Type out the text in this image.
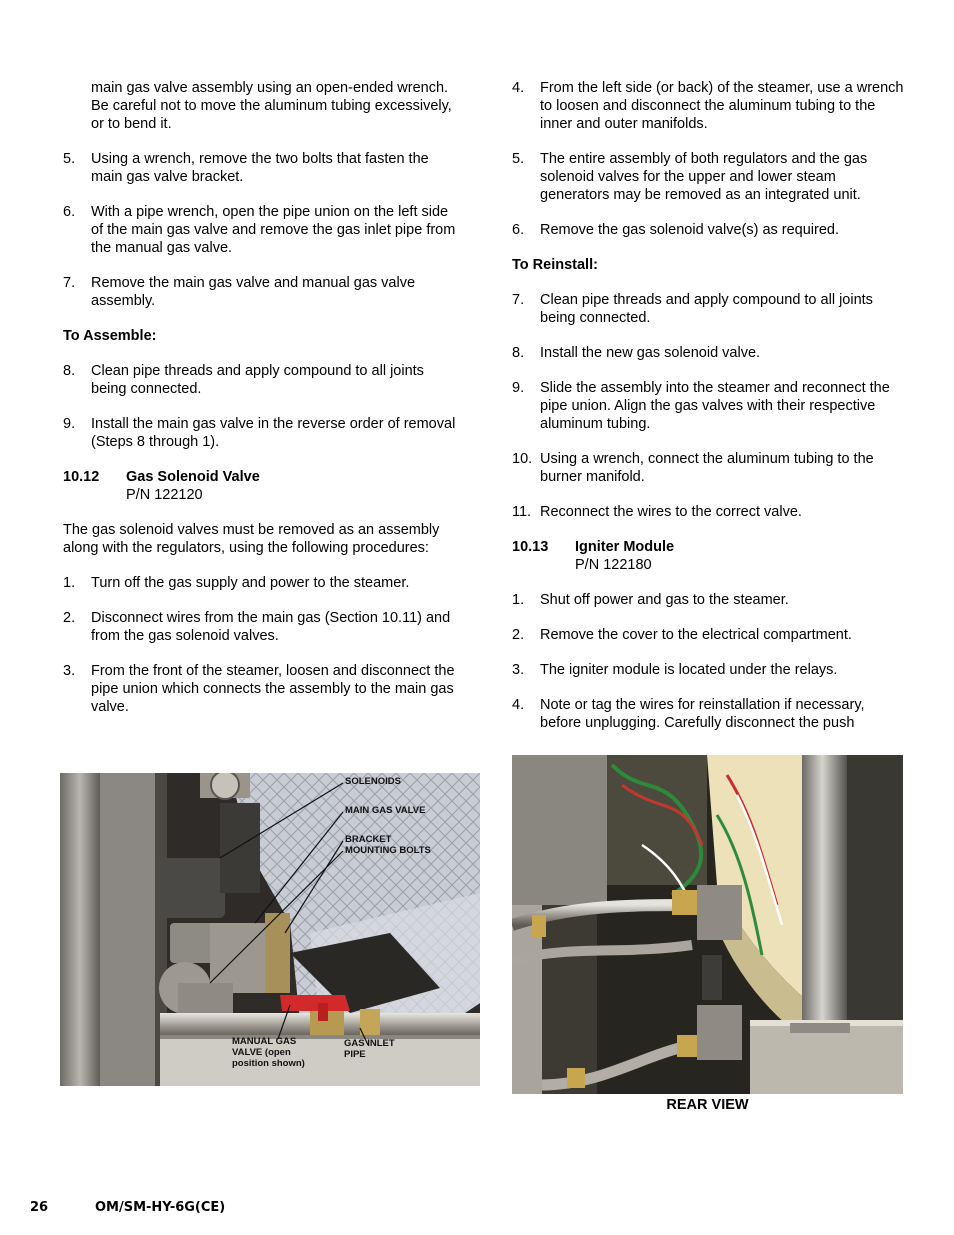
main gas valve assembly using an open-ended wrench. Be careful not to move the aluminum tubing excessively, or to bend it.
5.	Using a wrench, remove the two bolts that fasten the main gas valve bracket.
6.	With a pipe wrench, open the pipe union on the left side of the main gas valve and remove the gas inlet pipe from the manual gas valve.
7.	Remove the main gas valve and manual gas valve assembly.
To Assemble:
8.	Clean pipe threads and apply compound to all joints being connected.
9.	Install the main gas valve in the reverse order of removal (Steps 8 through 1).
10.12	Gas Solenoid Valve
P/N 122120

The gas solenoid valves must be removed as an assembly along with the regulators, using the following procedures:

1.	Turn off the gas supply and power to the steamer.
2.	Disconnect wires from the main gas (Section 10.11) and from the gas solenoid valves.
3.	From the front of the steamer, loosen and disconnect the pipe union which connects the assembly to the main gas valve.
4.	From the left side (or back) of the steamer, use a wrench to loosen and disconnect the aluminum tubing to the inner and outer manifolds.
5.	The entire assembly of both regulators and the gas solenoid valves for the upper and lower steam generators may be removed as an integrated unit.
6.	Remove the gas solenoid valve(s) as required.
To Reinstall:
7.	Clean pipe threads and apply compound to all joints being connected.
8.	Install the new gas solenoid valve.
9.	Slide the assembly into the steamer and reconnect the pipe union. Align the gas valves with their respective aluminum tubing.
10. Using a wrench, connect the aluminum tubing to the burner manifold.
11. Reconnect the wires to the correct valve.
10.13	Igniter Module
P/N 122180
1.	Shut off power and gas to the steamer.
2.	Remove the cover to the electrical compartment.
3.	The igniter module is located under the relays.
4.	Note or tag the wires for reinstallation if necessary, before unplugging. Carefully disconnect the push
SOLENOIDS
MAIN GAS VALVE
BRACKET MOUNTING BOLTS
MANUAL GAS VALVE (open position shown)
GAS INLET PIPE
REAR VIEW
26	OM/SM-HY-6G(CE)
